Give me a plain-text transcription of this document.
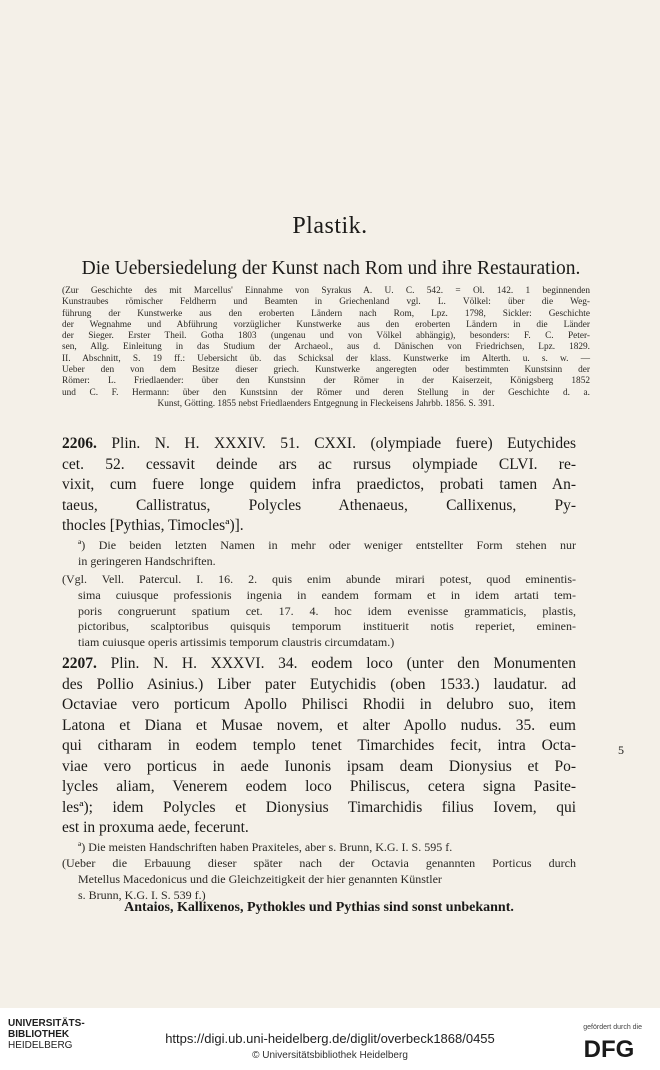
Plastik.
Die Uebersiedelung der Kunst nach Rom und ihre Restauration.
(Zur Geschichte des mit Marcellus' Einnahme von Syrakus A. U. C. 542. = Ol. 142. 1 beginnenden
Kunstraubes römischer Feldherrn und Beamten in Griechenland vgl. L. Völkel: über die Weg-
führung der Kunstwerke aus den eroberten Ländern nach Rom, Lpz. 1798, Sickler: Geschichte
der Wegnahme und Abführung vorzüglicher Kunstwerke aus den eroberten Ländern in die Länder
der Sieger. Erster Theil. Gotha 1803 (ungenau und von Völkel abhängig), besonders: F. C. Peter-
sen, Allg. Einleitung in das Studium der Archaeol., aus d. Dänischen von Friedrichsen, Lpz. 1829.
II. Abschnitt, S. 19 ff.: Uebersicht üb. das Schicksal der klass. Kunstwerke im Alterth. u. s. w. —
Ueber den von dem Besitze dieser griech. Kunstwerke angeregten oder bestimmten Kunstsinn der
Römer: L. Friedlaender: über den Kunstsinn der Römer in der Kaiserzeit, Königsberg 1852
und C. F. Hermann: über den Kunstsinn der Römer und deren Stellung in der Geschichte d. a.
Kunst, Götting. 1855 nebst Friedlaenders Entgegnung in Fleckeisens Jahrbb. 1856. S. 391.
2206. Plin. N. H. XXXIV. 51. CXXI. (olympiade fuere) Eutychides
cet. 52. cessavit deinde ars ac rursus olympiade CLVI. re-
vixit, cum fuere longe quidem infra praedictos, probati tamen An-
taeus, Callistratus, Polycles Athenaeus, Callixenus, Py-
thocles [Pythias, Timoclesª)].
ª) Die beiden letzten Namen in mehr oder weniger entstellter Form stehen nur
in geringeren Handschriften.
(Vgl. Vell. Patercul. I. 16. 2. quis enim abunde mirari potest, quod eminentis-
sima cuiusque professionis ingenia in eandem formam et in idem artati tem-
poris congruerunt spatium cet. 17. 4. hoc idem evenisse grammaticis, plastis,
pictoribus, scalptoribus quisquis temporum instituerit notis reperiet, eminen-
tiam cuiusque operis artissimis temporum claustris circumdatam.)
2207. Plin. N. H. XXXVI. 34. eodem loco (unter den Monumenten
des Pollio Asinius.) Liber pater Eutychidis (oben 1533.) laudatur. ad
Octaviae vero porticum Apollo Philisci Rhodii in delubro suo, item
Latona et Diana et Musae novem, et alter Apollo nudus. 35. eum
qui citharam in eodem templo tenet Timarchides fecit, intra Octa-
viae vero porticus in aede Iunonis ipsam deam Dionysius et Po-
lycles aliam, Venerem eodem loco Philiscus, cetera signa Pasite-
lesª); idem Polycles et Dionysius Timarchidis filius Iovem, qui
est in proxuma aede, fecerunt.
5
ª) Die meisten Handschriften haben Praxiteles, aber s. Brunn, K.G. I. S. 595 f.
(Ueber die Erbauung dieser später nach der Octavia genannten Porticus durch
Metellus Macedonicus und die Gleichzeitigkeit der hier genannten Künstler
s. Brunn, K.G. I. S. 539 f.)
Antaios, Kallixenos, Pythokles und Pythias sind sonst unbekannt.
UNIVERSITÄTS-
BIBLIOTHEK
HEIDELBERG	https://digi.ub.uni-heidelberg.de/diglit/overbeck1868/0455
© Universitätsbibliothek Heidelberg
gefördert durch die
DFG
